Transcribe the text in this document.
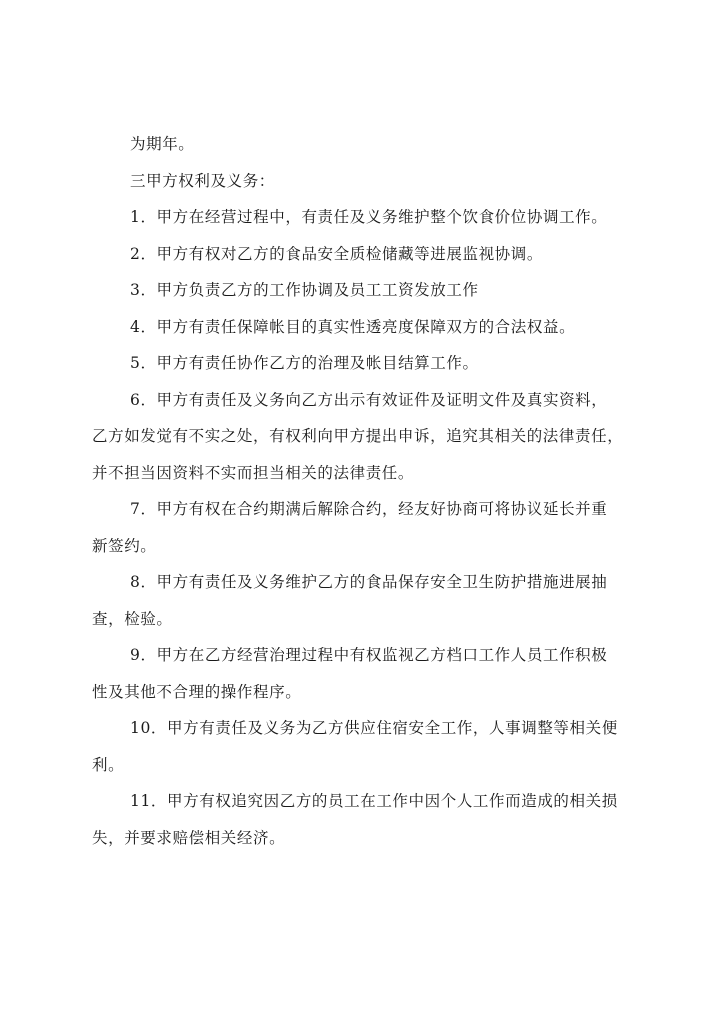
为期年。

三甲方权利及义务：

1．甲方在经营过程中，有责任及义务维护整个饮食价位协调工作。

2．甲方有权对乙方的食品安全质检储藏等进展监视协调。

3．甲方负责乙方的工作协调及员工工资发放工作

4．甲方有责任保障帐目的真实性透亮度保障双方的合法权益。

5．甲方有责任协作乙方的治理及帐目结算工作。

6．甲方有责任及义务向乙方出示有效证件及证明文件及真实资料，
乙方如发觉有不实之处，有权利向甲方提出申诉，追究其相关的法律责任，
并不担当因资料不实而担当相关的法律责任。

7．甲方有权在合约期满后解除合约，经友好协商可将协议延长并重
新签约。

8．甲方有责任及义务维护乙方的食品保存安全卫生防护措施进展抽
查，检验。

9．甲方在乙方经营治理过程中有权监视乙方档口工作人员工作积极
性及其他不合理的操作程序。

10．甲方有责任及义务为乙方供应住宿安全工作，人事调整等相关便
利。

11．甲方有权追究因乙方的员工在工作中因个人工作而造成的相关损
失，并要求赔偿相关经济。
